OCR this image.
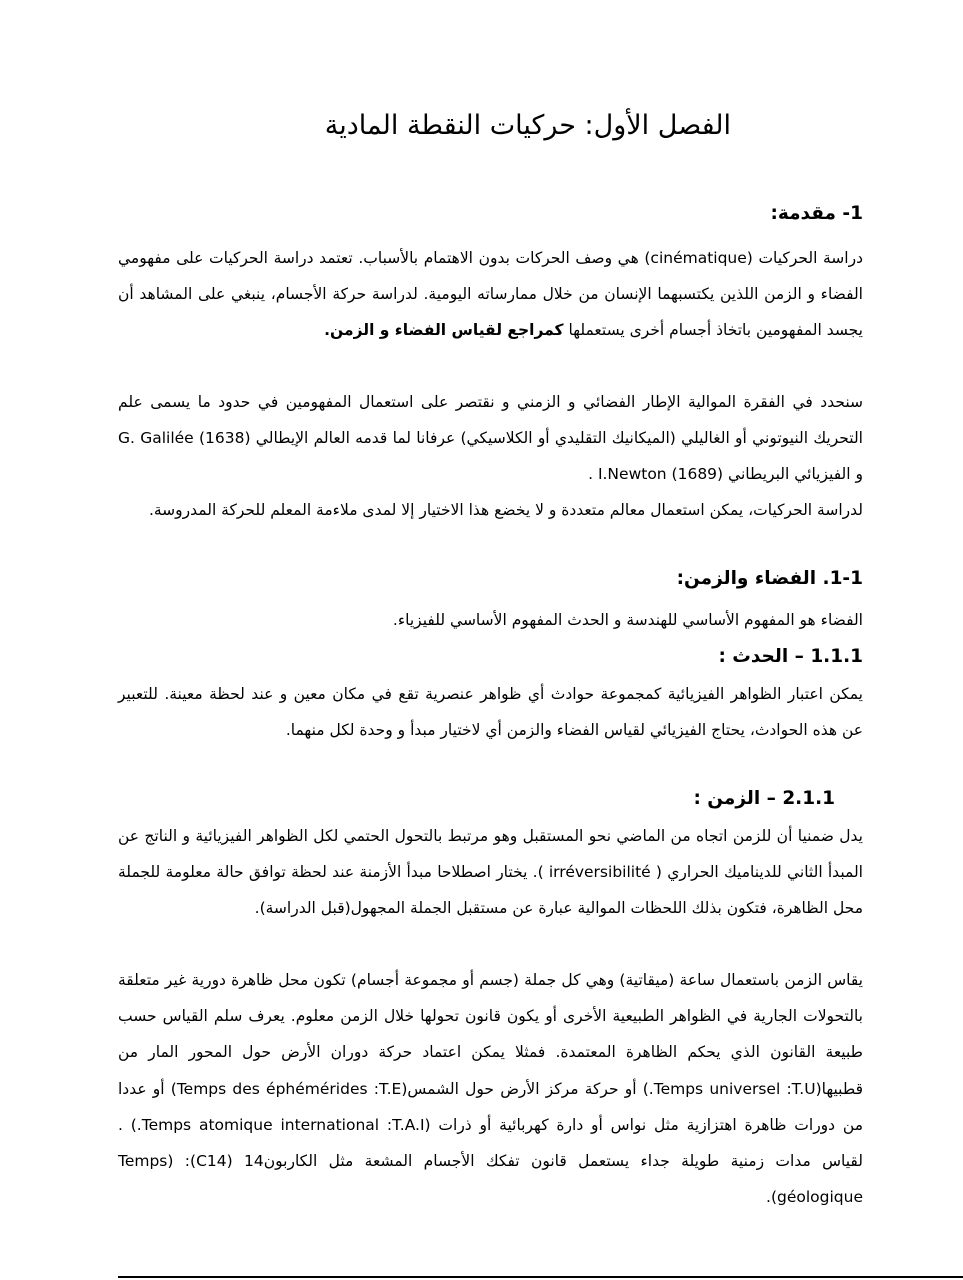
الفصل الأول: حركيات النقطة المادية
1- مقدمة:

دراسة الحركيات (cinématique) هي وصف الحركات بدون الاهتمام بالأسباب. تعتمد دراسة الحركيات على مفهومي الفضاء و الزمن اللذين يكتسبهما الإنسان من خلال ممارساته اليومية. لدراسة حركة الأجسام، ينبغي على المشاهد أن يجسد المفهومين باتخاذ أجسام أخرى يستعملها كمراجع لقياس الفضاء و الزمن.

سنحدد في الفقرة الموالية الإطار الفضائي و الزمني و نقتصر على استعمال المفهومين في حدود ما يسمى علم التحريك النيوتوني أو الغاليلي (الميكانيك التقليدي أو الكلاسيكي) عرفانا لما قدمه العالم الإيطالي G. Galilée (1638) و الفيزيائي البريطاني I.Newton (1689) .

لدراسة الحركيات، يمكن استعمال معالم متعددة و لا يخضع هذا الاختيار إلا لمدى ملاءمة المعلم للحركة المدروسة.

1-1. الفضاء والزمن:

الفضاء هو المفهوم الأساسي للهندسة و الحدث المفهوم الأساسي للفيزياء.

1.1.1 – الحدث :

يمكن اعتبار الظواهر الفيزيائية كمجموعة حوادث أي ظواهر عنصرية تقع في مكان معين و عند لحظة معينة. للتعبير عن هذه الحوادث، يحتاج الفيزيائي لقياس الفضاء والزمن أي لاختيار مبدأ و وحدة لكل منهما.

2.1.1 – الزمن :

يدل ضمنيا أن للزمن اتجاه من الماضي نحو المستقبل وهو مرتبط بالتحول الحتمي لكل الظواهر الفيزيائية و الناتج عن المبدأ الثاني للديناميك الحراري ( irréversibilité ). يختار اصطلاحا مبدأ الأزمنة عند لحظة توافق حالة معلومة للجملة محل الظاهرة، فتكون بذلك اللحظات الموالية عبارة عن مستقبل الجملة المجهول(قبل الدراسة).

يقاس الزمن باستعمال ساعة (ميقاتية) وهي كل جملة (جسم أو مجموعة أجسام) تكون محل ظاهرة دورية غير متعلقة بالتحولات الجارية في الظواهر الطبيعية الأخرى أو يكون قانون تحولها خلال الزمن معلوم. يعرف سلم القياس حسب طبيعة القانون الذي يحكم الظاهرة المعتمدة. فمثلا يمكن اعتماد حركة دوران الأرض حول المحور المار من قطبيها(Temps universel :T.U.) أو حركة مركز الأرض حول الشمس(Temps des éphémérides :T.E) أو عددا من دورات ظاهرة اهتزازية مثل نواس أو دارة كهربائية أو ذرات (Temps atomique international :T.A.I.) . لقياس مدات زمنية طويلة جداء يستعمل قانون تفكك الأجسام المشعة مثل الكاربون14 (C14): (Temps géologique).
